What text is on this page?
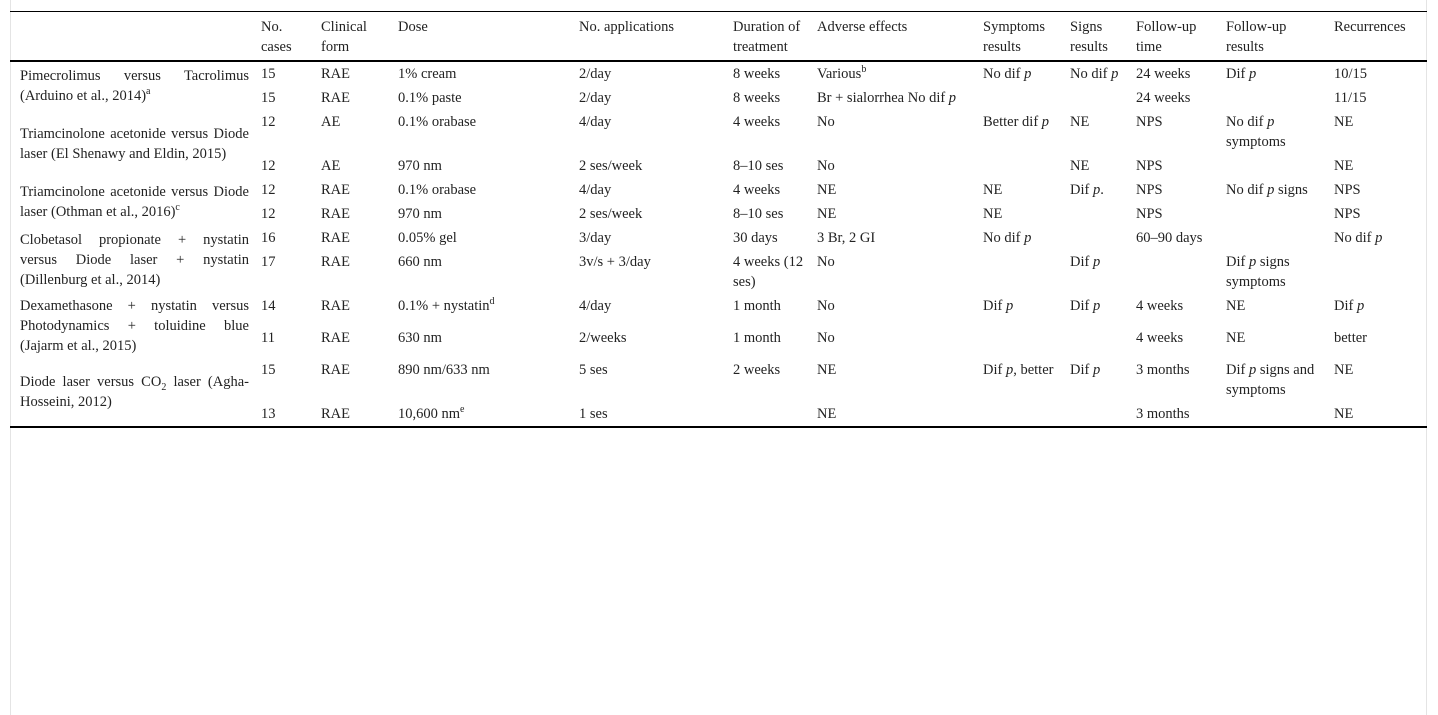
	No. cases	Clinical form	Dose	No. applications	Duration of treatment	Adverse effects	Symptoms results	Signs results	Follow-up time	Follow-up results	Recurrences
Pimecrolimus versus Tacrolimus (Arduino et al., 2014)$^a$	15	RAE	1% cream	2/day	8 weeks	Various$^b$	No dif p	No dif p	24 weeks	Dif p	10/15
	15	RAE	0.1% paste	2/day	8 weeks	Br + sialorrhea No dif p			24 weeks		11/15
Triamcinolone acetonide versus Diode laser (El Shenawy and Eldin, 2015)	12	AE	0.1% orabase	4/day	4 weeks	No	Better dif p	NE	NPS	No dif p symptoms	NE
	12	AE	970 nm	2 ses/week	8–10 ses	No		NE	NPS		NE
Triamcinolone acetonide versus Diode laser (Othman et al., 2016)$^c$	12	RAE	0.1% orabase	4/day	4 weeks	NE	NE	Dif p.	NPS	No dif p signs	NPS
	12	RAE	970 nm	2 ses/week	8–10 ses	NE	NE		NPS		NPS
Clobetasol propionate + nystatin versus Diode laser + nystatin (Dillenburg et al., 2014)	16	RAE	0.05% gel	3/day	30 days	3 Br, 2 GI	No dif p		60–90 days		No dif p
	17	RAE	660 nm	3v/s + 3/day	4 weeks (12 ses)	No		Dif p		Dif p signs symptoms	
Dexamethasone + nystatin versus Photodynamics + toluidine blue (Jajarm et al., 2015)	14	RAE	0.1% + nystatin$^d$	4/day	1 month	No	Dif p	Dif p	4 weeks	NE	Dif p
	11	RAE	630 nm	2/weeks	1 month	No			4 weeks	NE	better
Diode laser versus $CO_2$ laser (Agha-Hosseini, 2012)	15	RAE	890 nm/633 nm	5 ses	2 weeks	NE	Dif p, better	Dif p	3 months	Dif p signs and symptoms	NE
	13	RAE	10,600 $nm^e$	1 ses		NE			3 months		NE
